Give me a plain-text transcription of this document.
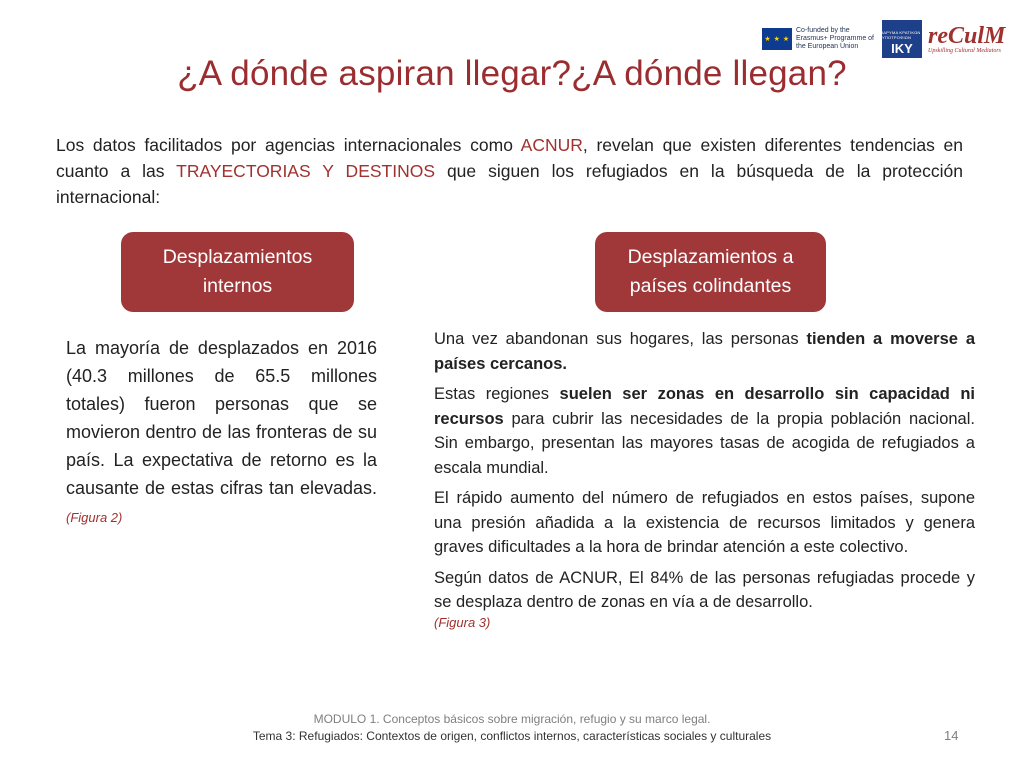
★ ★ ★
Co-funded by the Erasmus+ Programme of the European Union
ΙΔΡΥΜΑ ΚΡΑΤΙΚΩΝ ΥΠΟΤΡΟΦΙΩΝ
IKY reCulM
Upskilling Cultural Mediators
¿A dónde aspiran llegar?¿A dónde llegan?
Los datos facilitados por agencias internacionales como ACNUR, revelan que existen diferentes tendencias en cuanto a las TRAYECTORIAS Y DESTINOS que siguen los refugiados en la búsqueda de la protección internacional:
Desplazamientos internos
Desplazamientos a países colindantes
La mayoría de desplazados en 2016 (40.3 millones de 65.5 millones totales) fueron personas que se movieron dentro de las fronteras de su país. La expectativa de retorno es la causante de estas cifras tan elevadas. (Figura 2)

Una vez abandonan sus hogares, las personas tienden a moverse a países cercanos.

Estas regiones suelen ser zonas en desarrollo sin capacidad ni recursos para cubrir las necesidades de la propia población nacional. Sin embargo, presentan las mayores tasas de acogida de refugiados a escala mundial.

El rápido aumento del número de refugiados en estos países, supone una presión añadida a la existencia de recursos limitados y genera graves dificultades a la hora de brindar atención a este colectivo.

Según datos de ACNUR, El 84% de las personas refugiadas procede y se desplaza dentro de zonas en vía a de desarrollo.
(Figura 3)

MODULO 1. Conceptos básicos sobre migración, refugio y su marco legal.
Tema 3: Refugiados: Contextos de origen, conflictos internos, características sociales y culturales	14
